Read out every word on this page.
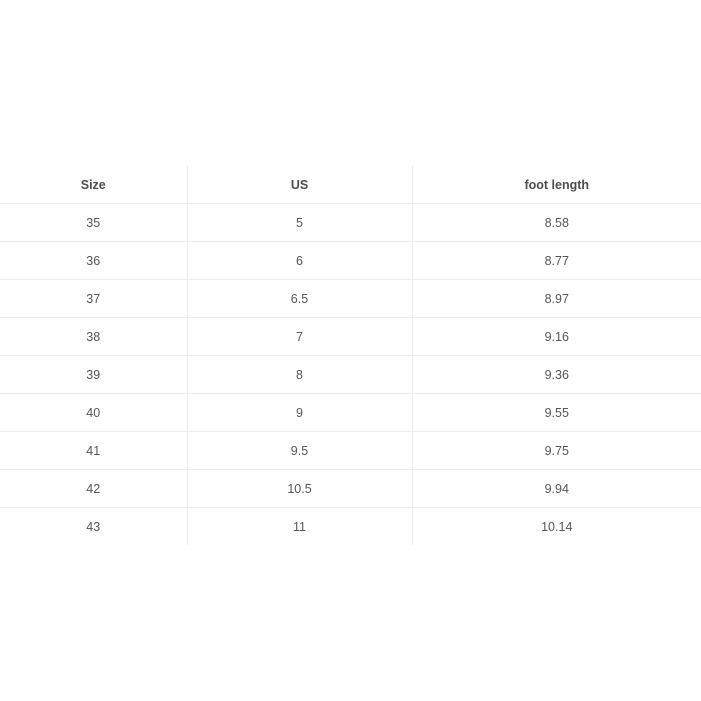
Size	US	foot length
35	5	8.58
36	6	8.77
37	6.5	8.97
38	7	9.16
39	8	9.36
40	9	9.55
41	9.5	9.75
42	10.5	9.94
43	11	10.14
